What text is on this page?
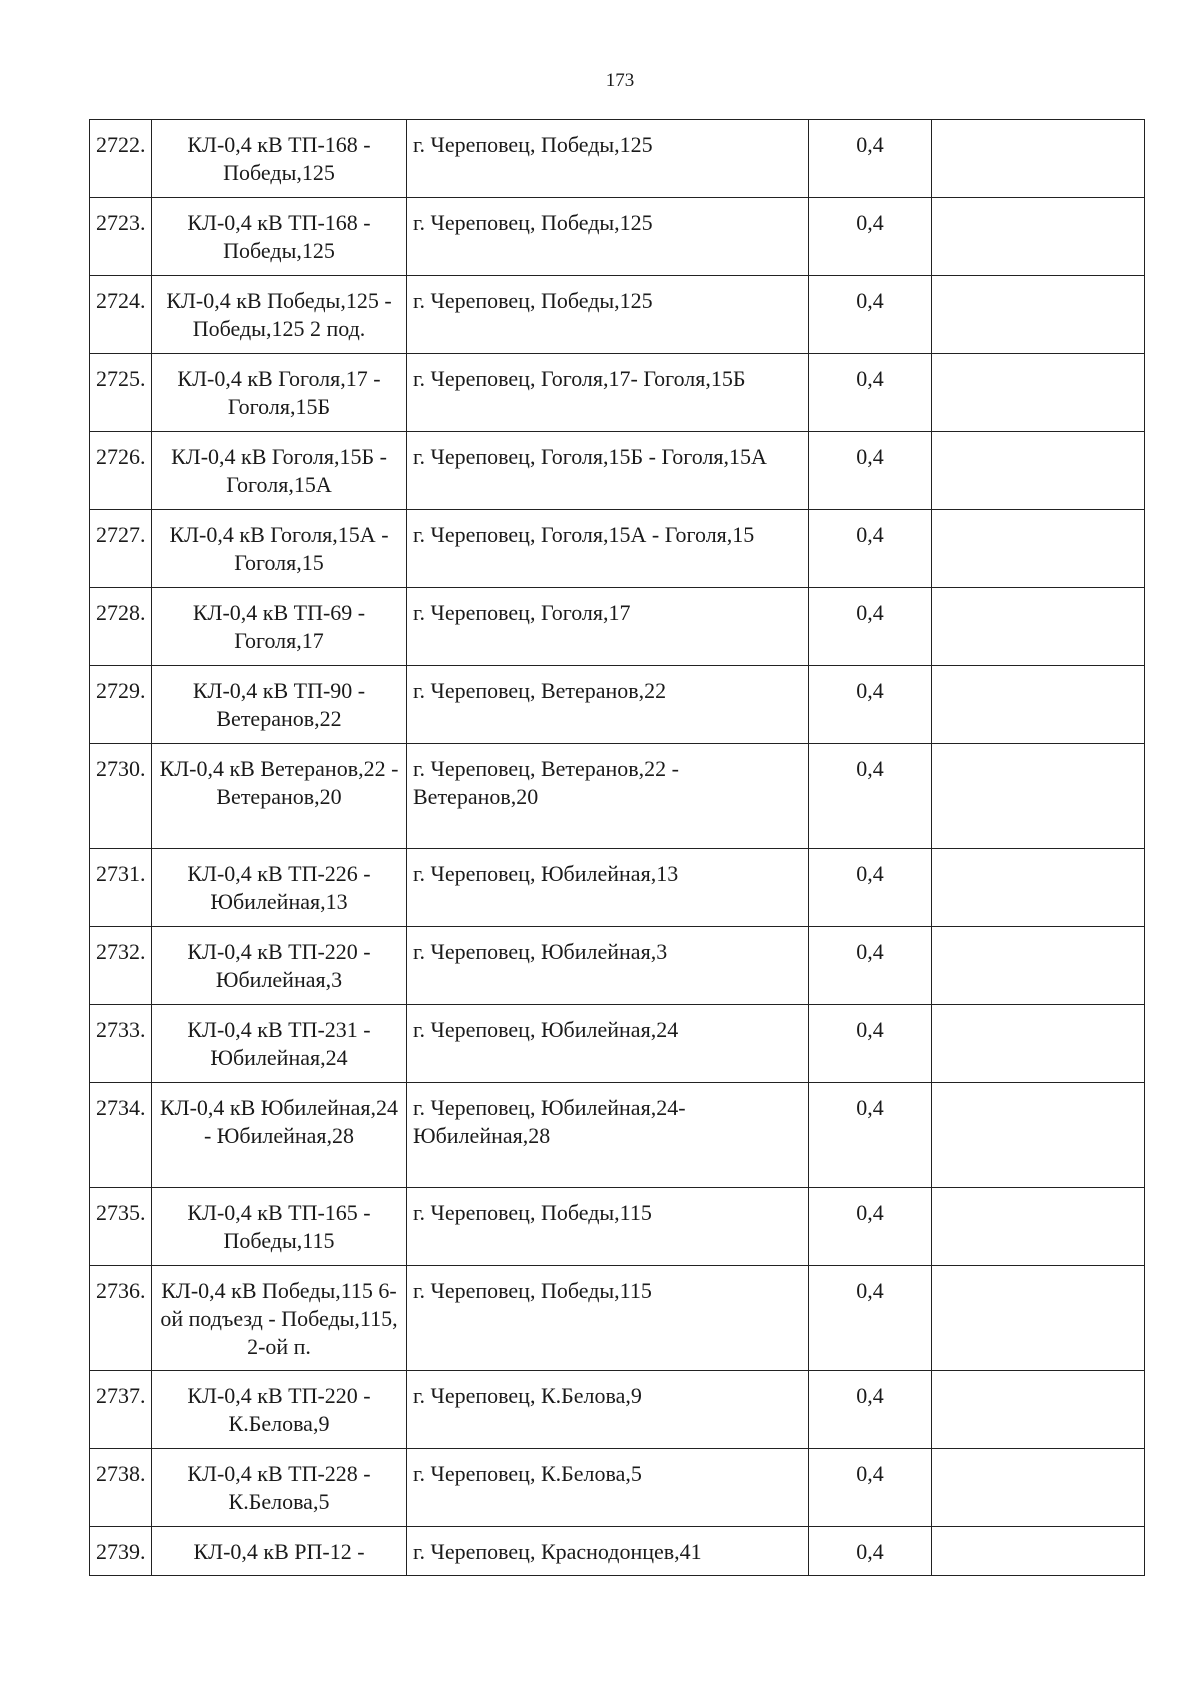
173
2722.	КЛ-0,4 кВ ТП-168 - Победы,125	г. Череповец, Победы,125	0,4	
2723.	КЛ-0,4 кВ ТП-168 - Победы,125	г. Череповец, Победы,125	0,4	
2724.	КЛ-0,4 кВ Победы,125 - Победы,125 2 под.	г. Череповец, Победы,125	0,4	
2725.	КЛ-0,4 кВ Гоголя,17 - Гоголя,15Б	г. Череповец, Гоголя,17- Гоголя,15Б	0,4	
2726.	КЛ-0,4 кВ Гоголя,15Б - Гоголя,15А	г. Череповец, Гоголя,15Б - Гоголя,15А	0,4	
2727.	КЛ-0,4 кВ Гоголя,15А - Гоголя,15	г. Череповец, Гоголя,15А - Гоголя,15	0,4	
2728.	КЛ-0,4 кВ ТП-69 - Гоголя,17	г. Череповец, Гоголя,17	0,4	
2729.	КЛ-0,4 кВ ТП-90 - Ветеранов,22	г. Череповец, Ветеранов,22	0,4	
2730.	КЛ-0,4 кВ Ветеранов,22 - Ветеранов,20	г. Череповец, Ветеранов,22 - Ветеранов,20	0,4	
2731.	КЛ-0,4 кВ ТП-226 - Юбилейная,13	г. Череповец, Юбилейная,13	0,4	
2732.	КЛ-0,4 кВ ТП-220 - Юбилейная,3	г. Череповец, Юбилейная,3	0,4	
2733.	КЛ-0,4 кВ ТП-231 - Юбилейная,24	г. Череповец, Юбилейная,24	0,4	
2734.	КЛ-0,4 кВ Юбилейная,24 - Юбилейная,28	г. Череповец, Юбилейная,24- Юбилейная,28	0,4	
2735.	КЛ-0,4 кВ ТП-165 - Победы,115	г. Череповец, Победы,115	0,4	
2736.	КЛ-0,4 кВ Победы,115 6-ой подъезд - Победы,115, 2-ой п.	г. Череповец, Победы,115	0,4	
2737.	КЛ-0,4 кВ ТП-220 - К.Белова,9	г. Череповец, К.Белова,9	0,4	
2738.	КЛ-0,4 кВ ТП-228 - К.Белова,5	г. Череповец, К.Белова,5	0,4	
2739.	КЛ-0,4 кВ РП-12 -	г. Череповец, Краснодонцев,41	0,4	
